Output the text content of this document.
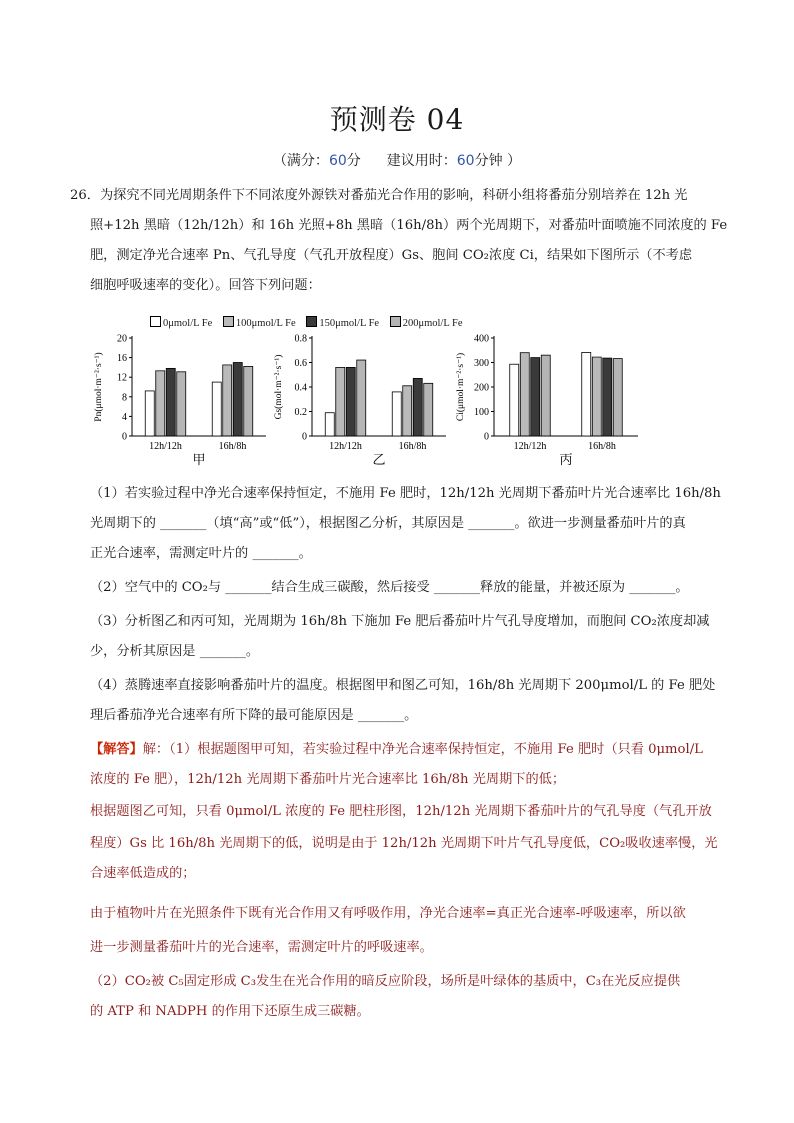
预测卷 04
（满分：60分 建议用时：60分钟 ）
26．为探究不同光周期条件下不同浓度外源铁对番茄光合作用的影响，科研小组将番茄分别培养在 12h 光
照+12h 黑暗（12h/12h）和 16h 光照+8h 黑暗（16h/8h）两个光周期下，对番茄叶面喷施不同浓度的 Fe
肥，测定净光合速率 Pn、气孔导度（气孔开放程度）Gs、胞间 CO₂浓度 Ci，结果如下图所示（不考虑
细胞呼吸速率的变化）。回答下列问题：
0μmol/L Fe 100μmol/L Fe 150μmol/L Fe 200μmol/L Fe
Pn(μmol·m⁻²·s⁻¹)
0
4
8
12
16
20
12h/12h	16h/8h
甲
Gs(mol·m⁻²·s⁻¹)
0
0.2
0.4
0.6
0.8
12h/12h	16h/8h
乙
Ci(μmol·m⁻²·s⁻¹)
0
100
200
300
400
12h/12h	16h/8h
丙
（1）若实验过程中净光合速率保持恒定，不施用 Fe 肥时，12h/12h 光周期下番茄叶片光合速率比 16h/8h
光周期下的 _______（填“高”或“低”），根据图乙分析，其原因是 _______。欲进一步测量番茄叶片的真
正光合速率，需测定叶片的 _______。
（2）空气中的 CO₂与 _______结合生成三碳酸，然后接受 _______释放的能量，并被还原为 _______。
（3）分析图乙和丙可知，光周期为 16h/8h 下施加 Fe 肥后番茄叶片气孔导度增加，而胞间 CO₂浓度却减
少，分析其原因是 _______。
（4）蒸腾速率直接影响番茄叶片的温度。根据图甲和图乙可知，16h/8h 光周期下 200μmol/L 的 Fe 肥处
理后番茄净光合速率有所下降的最可能原因是 _______。
【解答】解：（1）根据题图甲可知，若实验过程中净光合速率保持恒定，不施用 Fe 肥时（只看 0μmol/L
浓度的 Fe 肥），12h/12h 光周期下番茄叶片光合速率比 16h/8h 光周期下的低；
根据题图乙可知，只看 0μmol/L 浓度的 Fe 肥柱形图，12h/12h 光周期下番茄叶片的气孔导度（气孔开放
程度）Gs 比 16h/8h 光周期下的低，说明是由于 12h/12h 光周期下叶片气孔导度低，CO₂吸收速率慢，光
合速率低造成的；
由于植物叶片在光照条件下既有光合作用又有呼吸作用，净光合速率=真正光合速率-呼吸速率，所以欲
进一步测量番茄叶片的光合速率，需测定叶片的呼吸速率。
（2）CO₂被 C₅固定形成 C₃发生在光合作用的暗反应阶段，场所是叶绿体的基质中，C₃在光反应提供
的 ATP 和 NADPH 的作用下还原生成三碳糖。
